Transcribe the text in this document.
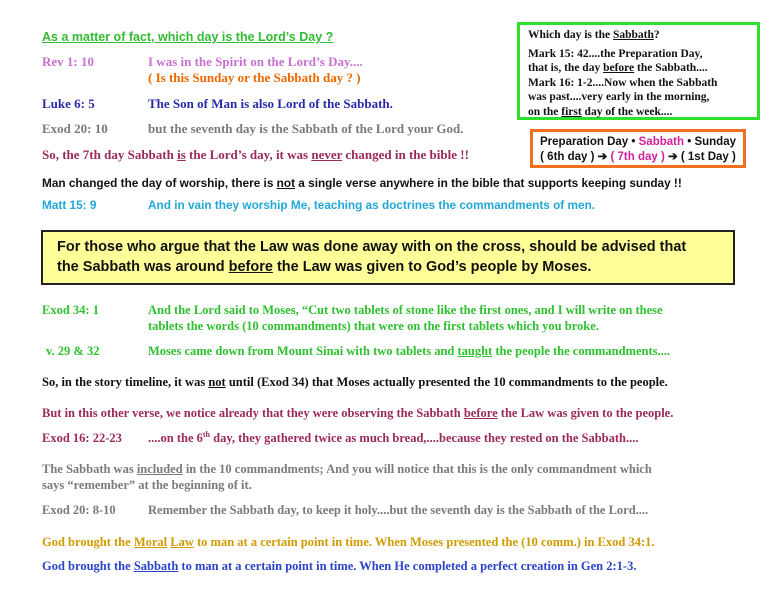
As a matter of fact, which day is the Lord’s Day ?
Rev 1: 10	I was in the Spirit on the Lord’s Day....
( Is this Sunday or the Sabbath day ? )
Luke 6: 5	The Son of Man is also Lord of the Sabbath.
Exod 20: 10	but the seventh day is the Sabbath of the Lord your God.
So, the 7th day Sabbath is the Lord’s day, it was never changed in the bible !!
Man changed the day of worship, there is not a single verse anywhere in the bible that supports keeping sunday !!
Matt 15: 9	And in vain they worship Me, teaching as doctrines the commandments of men.

Which day is the Sabbath?

Mark 15: 42....the Preparation Day,

that is, the day before the Sabbath....

Mark 16: 1-2....Now when the Sabbath

was past....very early in the morning,

on the first day of the week....

Preparation Day • Sabbath • Sunday
( 6th day ) ➔ ( 7th day ) ➔ ( 1st Day )

For those who argue that the Law was done away with on the cross, should be advised that

the Sabbath was around before the Law was given to God’s people by Moses.

Exod 34: 1	And the Lord said to Moses, “Cut two tablets of stone like the first ones, and I will write on these
tablets the words (10 commandments) that were on the first tablets which you broke.
v. 29 & 32	Moses came down from Mount Sinai with two tablets and taught the people the commandments....
So, in the story timeline, it was not until (Exod 34) that Moses actually presented the 10 commandments to the people.
But in this other verse, we notice already that they were observing the Sabbath before the Law was given to the people.
Exod 16: 22-23 ....on the 6th day, they gathered twice as much bread,....because they rested on the Sabbath....
The Sabbath was included in the 10 commandments; And you will notice that this is the only commandment which
says “remember” at the beginning of it.
Exod 20: 8-10	Remember the Sabbath day, to keep it holy....but the seventh day is the Sabbath of the Lord....
God brought the Moral Law to man at a certain point in time. When Moses presented the (10 comm.) in Exod 34:1.
God brought the Sabbath to man at a certain point in time. When He completed a perfect creation in Gen 2:1-3.
